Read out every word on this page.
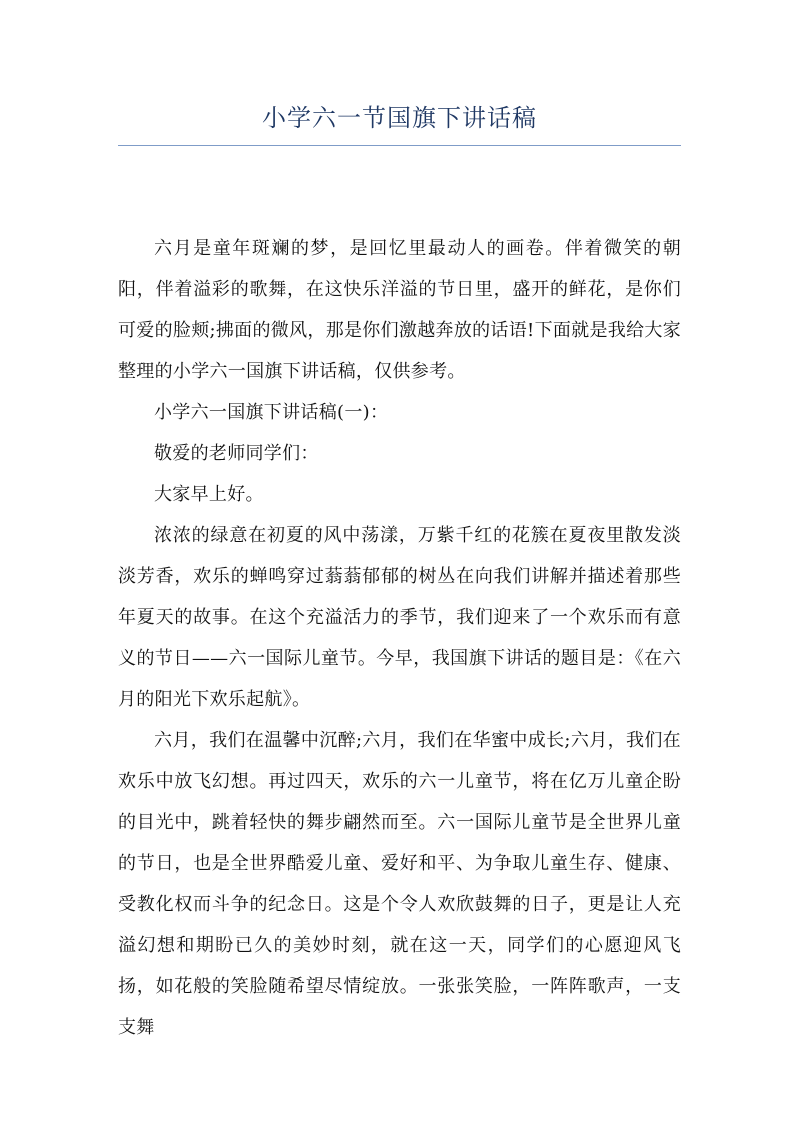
小学六一节国旗下讲话稿

六月是童年斑斓的梦，是回忆里最动人的画卷。伴着微笑的朝阳，伴着溢彩的歌舞，在这快乐洋溢的节日里，盛开的鲜花，是你们可爱的脸颊;拂面的微风，那是你们激越奔放的话语!下面就是我给大家整理的小学六一国旗下讲话稿，仅供参考。

小学六一国旗下讲话稿(一)：

敬爱的老师同学们：

大家早上好。

浓浓的绿意在初夏的风中荡漾，万紫千红的花簇在夏夜里散发淡淡芳香，欢乐的蝉鸣穿过蓊蓊郁郁的树丛在向我们讲解并描述着那些年夏天的故事。在这个充溢活力的季节，我们迎来了一个欢乐而有意义的节日——六一国际儿童节。今早，我国旗下讲话的题目是：《在六月的阳光下欢乐起航》。

六月，我们在温馨中沉醉;六月，我们在华蜜中成长;六月，我们在欢乐中放飞幻想。再过四天，欢乐的六一儿童节，将在亿万儿童企盼的目光中，跳着轻快的舞步翩然而至。六一国际儿童节是全世界儿童的节日，也是全世界酷爱儿童、爱好和平、为争取儿童生存、健康、受教化权而斗争的纪念日。这是个令人欢欣鼓舞的日子，更是让人充溢幻想和期盼已久的美妙时刻，就在这一天，同学们的心愿迎风飞扬，如花般的笑脸随希望尽情绽放。一张张笑脸，一阵阵歌声，一支支舞
